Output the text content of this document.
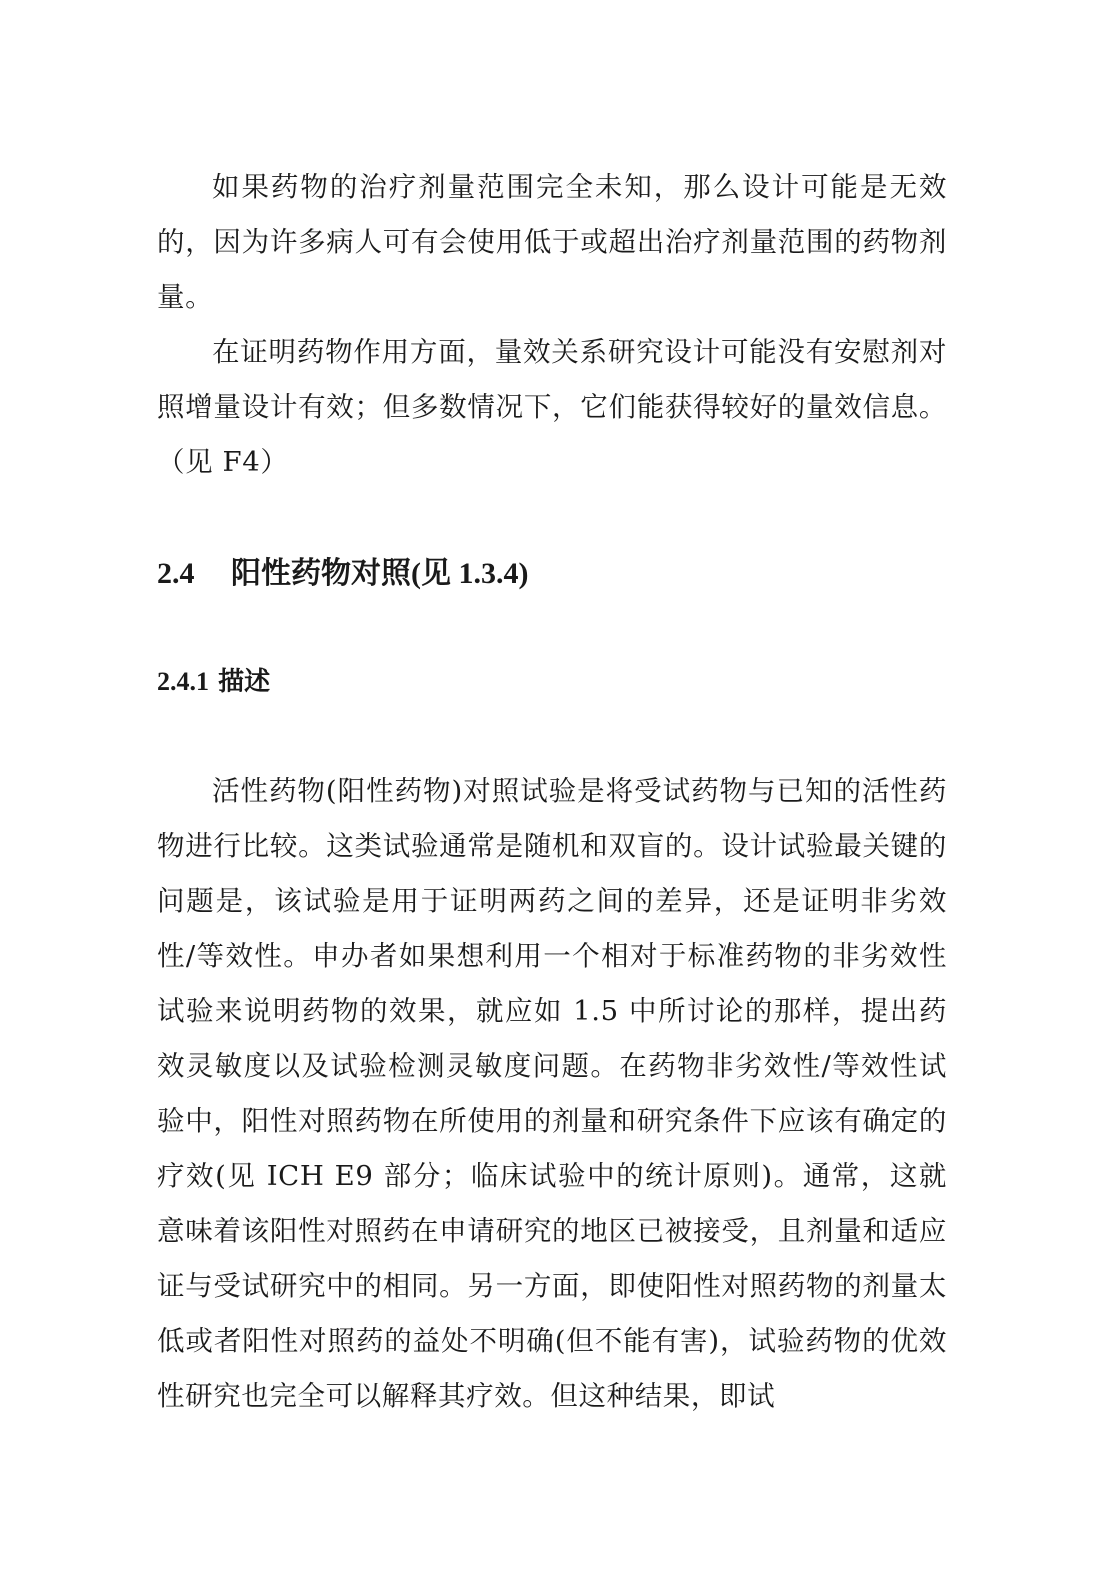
如果药物的治疗剂量范围完全未知，那么设计可能是无效的，因为许多病人可有会使用低于或超出治疗剂量范围的药物剂量。

在证明药物作用方面，量效关系研究设计可能没有安慰剂对照增量设计有效；但多数情况下，它们能获得较好的量效信息。（见 F4）

2.4 阳性药物对照(见 1.3.4)
2.4.1 描述

活性药物(阳性药物)对照试验是将受试药物与已知的活性药物进行比较。这类试验通常是随机和双盲的。设计试验最关键的问题是，该试验是用于证明两药之间的差异，还是证明非劣效性/等效性。申办者如果想利用一个相对于标准药物的非劣效性试验来说明药物的效果，就应如 1.5 中所讨论的那样，提出药效灵敏度以及试验检测灵敏度问题。在药物非劣效性/等效性试验中，阳性对照药物在所使用的剂量和研究条件下应该有确定的疗效(见 ICH E9 部分；临床试验中的统计原则)。通常，这就意味着该阳性对照药在申请研究的地区已被接受，且剂量和适应证与受试研究中的相同。另一方面，即使阳性对照药物的剂量太低或者阳性对照药的益处不明确(但不能有害)，试验药物的优效性研究也完全可以解释其疗效。但这种结果，即试
